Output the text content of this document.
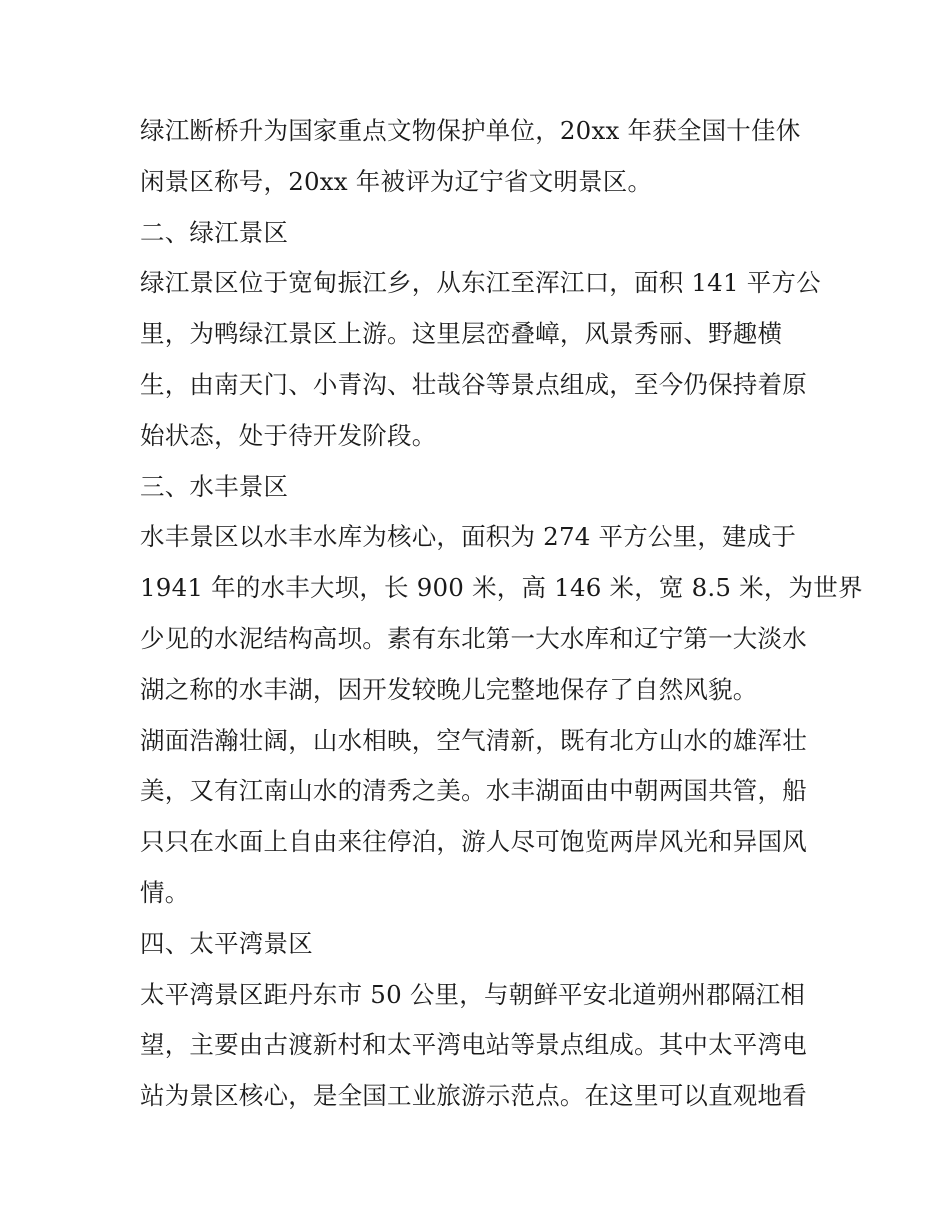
绿江断桥升为国家重点文物保护单位，20xx 年获全国十佳休
闲景区称号，20xx 年被评为辽宁省文明景区。
二、绿江景区
绿江景区位于宽甸振江乡，从东江至浑江口，面积 141 平方公
里，为鸭绿江景区上游。这里层峦叠嶂，风景秀丽、野趣横
生，由南天门、小青沟、壮哉谷等景点组成，至今仍保持着原
始状态，处于待开发阶段。
三、水丰景区
水丰景区以水丰水库为核心，面积为 274 平方公里，建成于
1941 年的水丰大坝，长 900 米，高 146 米，宽 8.5 米，为世界
少见的水泥结构高坝。素有东北第一大水库和辽宁第一大淡水
湖之称的水丰湖，因开发较晚儿完整地保存了自然风貌。
湖面浩瀚壮阔，山水相映，空气清新，既有北方山水的雄浑壮
美，又有江南山水的清秀之美。水丰湖面由中朝两国共管，船
只只在水面上自由来往停泊，游人尽可饱览两岸风光和异国风
情。
四、太平湾景区
太平湾景区距丹东市 50 公里，与朝鲜平安北道朔州郡隔江相
望，主要由古渡新村和太平湾电站等景点组成。其中太平湾电
站为景区核心，是全国工业旅游示范点。在这里可以直观地看
